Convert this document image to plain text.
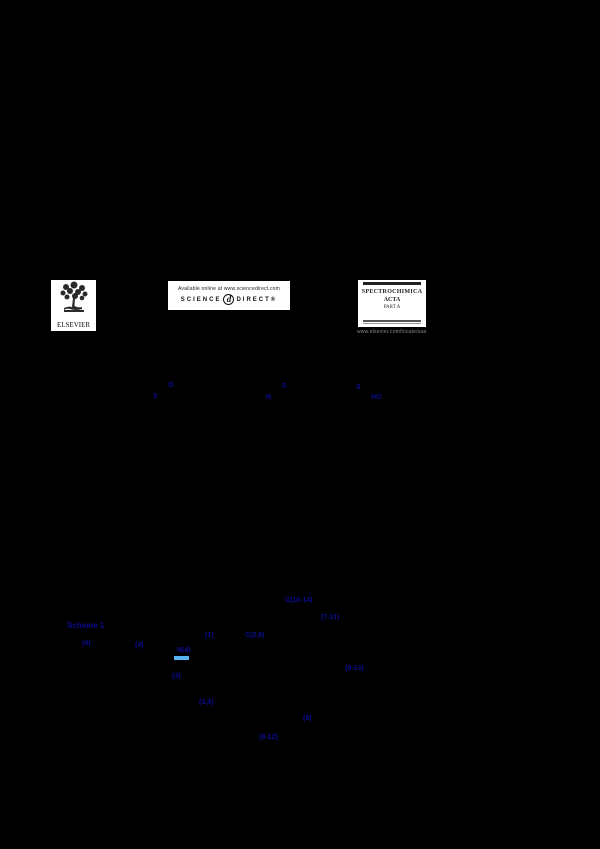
ELSEVIER
Available online at www.sciencedirect.com
SCIENCE d DIRECT®
SPECTROCHIMICA
ACTA
PART A
www.elsevier.com/locate/saa
O
S
S
N
S
HO
Scheme 1
C(10-14)
(7-11)
C(2,6)
(1)
(4)	(4)
N(4)
(3)
(9-13)
(3,4)
(8)
(8-12)
